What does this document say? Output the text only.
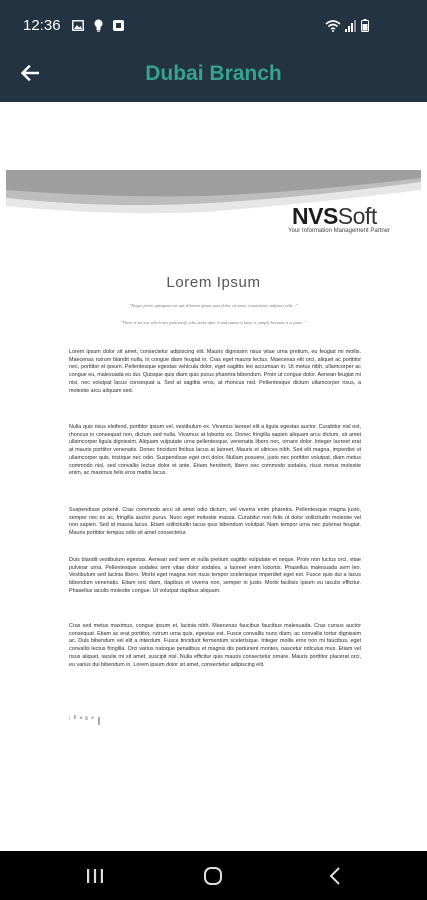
12:36
Dubai Branch
NVSSoft
Your Information Management Partner
Lorem Ipsum
"Neque porro quisquam est qui dolorem ipsum quia dolor sit amet, consectetur, adipisci velit..."
"There is no one who loves pain itself, who seeks after it and wants to have it, simply because it is pain..."
Lorem ipsum dolor sit amet, consectetur adipiscing elit. Mauris dignissim risus vitae urna pretium, eu feugiat mi mollis. Maecenas rutrum blandit nulla, in congue diam feugiat in. Cras eget mauris lectus. Maecenas elit orci, aliquet ac porttitor nec, porttitor et ipsum. Pellentesque egestas vehicula dolor, eget sagittis leo accumsan in. Ut metus nibh, ullamcorper ac congue eu, malesuada eu dui. Quisque quis diam quis purus pharetra bibendum. Proin ut congue dolor. Aenean feugiat mi nisi, nec volutpat lacus consequat a. Sed at sagittis eros, at rhoncus nisl. Pellentesque dictum ullamcorper risus, a molestie arcu aliquam sed.
Nulla quis risus eleifend, porttitor ipsum vel, vestibulum ex. Vivamus laoreet elit a ligula egestas auctor. Curabitur nisl est, rhoncus in consequat non, dictum sed nulla. Vivamus at lobortis ex. Donec fringilla sapien aliquam arcu dictum, sit amet ullamcorper ligula dignissim. Aliquam vulputate urna pellentesque, venenatis libero nec, ornare dolor. Integer laoreet erat at mauris porttitor venenatis. Donec tincidunt finibus lacus at laoreet. Mauris et ultrices nibh. Sed elit magna, imperdiet ut ullamcorper quis, tristique nec odio. Suspendisse eget orci dolor. Nullam posuere, justo nec porttitor volutpat, diam metus commodo nisl, sed convallis lectus dolor et ante. Etiam hendrerit, libero nec commodo sodales, risus metus molestie enim, ac maximus felis eros mattis lacus.
Suspendisse potenti. Cras commodo arcu sit amet odio dictum, vel viverra enim pharetra. Pellentesque magna justo, semper nec ex ac, fringilla auctor purus. Nunc eget molestie massa. Curabitur non felis ut dolor sollicitudin molestie vel non sapien. Sed id massa lacus. Etiam sollicitudin lacus quis bibendum volutpat. Nam tempor urna nec pulvinar feugiat. Mauris porttitor tempus odio sit amet consectetur.
Duis blandit vestibulum egestas. Aenean sed sem et nulla pretium sagittis vulputate et neque. Proin non luctus orci, vitae pulvinar urna. Pellentesque sodales sem vitae dolor sodales, a laoreet enim lobortis. Phasellus malesuada sem leo. Vestibulum sed lacinia libero. Morbi eget magna non risus tempor scelerisque imperdiet eget est. Fusce quis dui a lacus bibendum venenatis. Etiam orci diam, dapibus et viverra non, semper in justo. Morbi facilisis ipsum eu iaculis efficitur. Phasellus iaculis molestie congue. Ut volutpat dapibus aliquam.
Cras sed metus maximus, congue ipsum et, lacinia nibh. Maecenas faucibus faucibus malesuada. Cras cursus auctor consequat. Etiam ac erat porttitor, rutrum urna quis, egestas est. Fusce convallis nunc diam, ac convallis tortor dignissim ac. Duis bibendum vel elit a interdum. Fusce tincidunt fermentum scelerisque. Integer mollis eros non mi faucibus, eget convallis lectus fringilla. Orci varius natoque penatibus et magnis dis parturient montes, nascetur ridiculus mus. Etiam vel risus aliquet, iaculis mi sit amet, suscipit nisl. Nulla efficitur quis mauris consectetur ornare. Mauris porttitor placerat orci, eu varius dui bibendum in. Lorem ipsum dolor sit amet, consectetur adipiscing elit.
| P a g e
